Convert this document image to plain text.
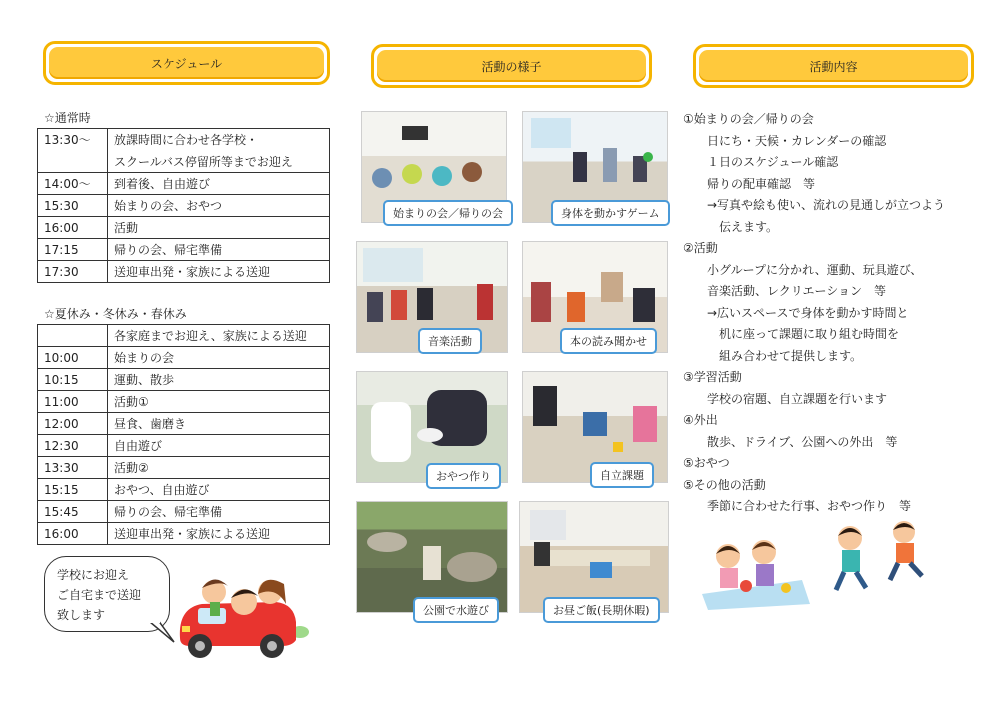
スケジュール	活動の様子	活動内容
☆通常時
13:30～	放課時間に合わせ各学校・
	スクールバス停留所等までお迎え
14:00～	到着後、自由遊び
15:30	始まりの会、おやつ
16:00	活動
17:15	帰りの会、帰宅準備
17:30	送迎車出発・家族による送迎
☆夏休み・冬休み・春休み
	各家庭までお迎え、家族による送迎
10:00	始まりの会
10:15	運動、散歩
11:00	活動①
12:00	昼食、歯磨き
12:30	自由遊び
13:30	活動②
15:15	おやつ、自由遊び
15:45	帰りの会、帰宅準備
16:00	送迎車出発・家族による送迎
学校にお迎え
ご自宅まで送迎
致します
始まりの会／帰りの会	身体を動かすゲーム
音楽活動	本の読み聞かせ
おやつ作り	自立課題
公園で水遊び	お昼ご飯(長期休暇)
①始まりの会／帰りの会
日にち・天候・カレンダーの確認
１日のスケジュール確認
帰りの配車確認　等
→写真や絵も使い、流れの見通しが立つよう
伝えます。
②活動
小グループに分かれ、運動、玩具遊び、
音楽活動、レクリエーション　等
→広いスペースで身体を動かす時間と
机に座って課題に取り組む時間を
組み合わせて提供します。
③学習活動
学校の宿題、自立課題を行います
④外出
散歩、ドライブ、公園への外出　等
⑤おやつ
⑤その他の活動
季節に合わせた行事、おやつ作り　等
